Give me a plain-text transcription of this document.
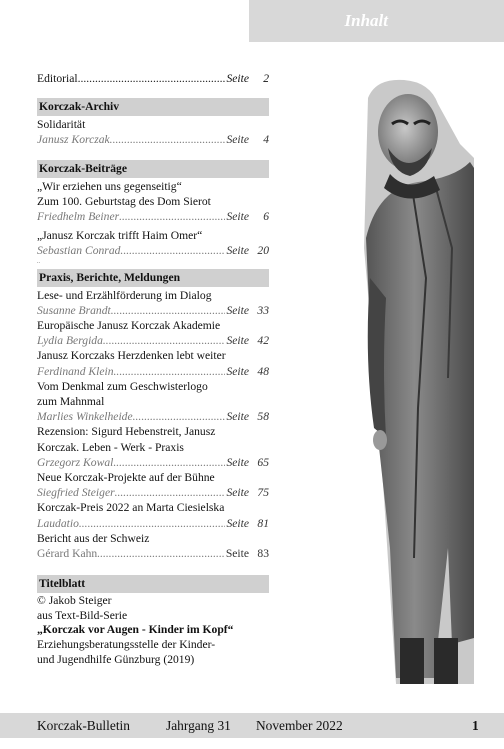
Inhalt
Editorial .....	Seite	2
Korczak-Archiv
Solidarität
Janusz Korczak .....	Seite	4
Korczak-Beiträge
„Wir erziehen uns gegenseitig“
Zum 100. Geburtstag des Dom Sierot
Friedhelm Beiner .....	Seite	6
„Janusz Korczak trifft Haim Omer“
Sebastian Conrad .....	Seite 20
..
Praxis, Berichte, Meldungen
Lese- und Erzählförderung im Dialog
Susanne Brandt .....	Seite 33
Europäische Janusz Korczak Akademie
Lydia Bergida .....	Seite 42
Janusz Korczaks Herzdenken lebt weiter
Ferdinand Klein .....	Seite 48
Vom Denkmal zum Geschwisterlogo
zum Mahnmal
Marlies Winkelheide .....	Seite 58
Rezension: Sigurd Hebenstreit, Janusz
Korczak. Leben - Werk - Praxis
Grzegorz Kowal .....	Seite 65
Neue Korczak-Projekte auf der Bühne
Siegfried Steiger .....	Seite 75
Korczak-Preis 2022 an Marta Ciesielska
Laudatio .....	Seite 81
Bericht aus der Schweiz
Gérard Kahn .....	Seite 83
Titelblatt
© Jakob Steiger
aus Text-Bild-Serie
„Korczak vor Augen - Kinder im Kopf“
Erziehungsberatungsstelle der Kinder-
und Jugendhilfe Günzburg (2019)
Korczak-Bulletin	Jahrgang 31 November 2022	1
